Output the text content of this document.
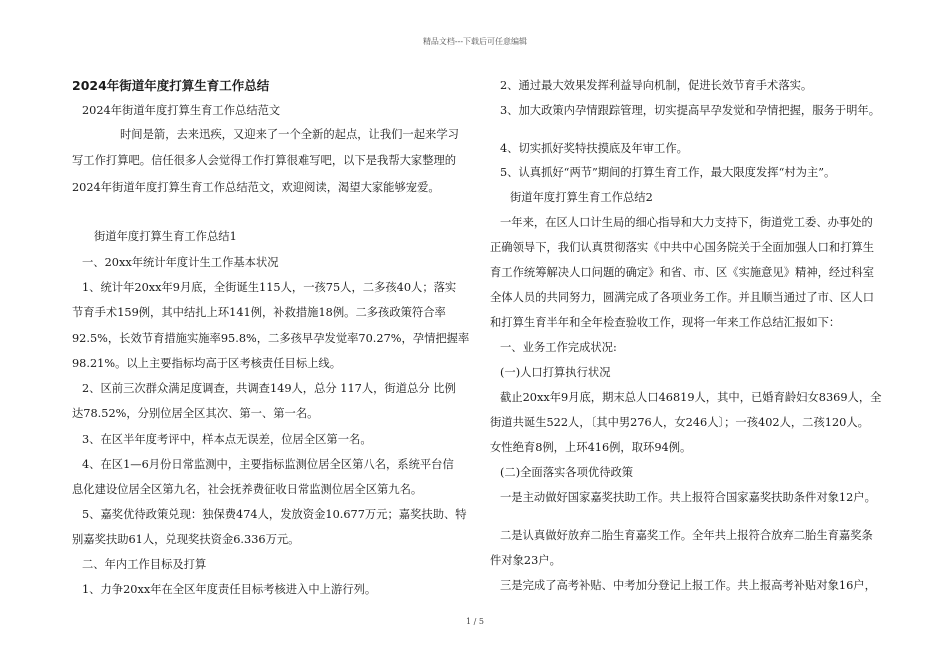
精品文档---下载后可任意编辑
2024年街道年度打算生育工作总结
2024年街道年度打算生育工作总结范文
时间是箭，去来迅疾，又迎来了一个全新的起点，让我们一起来学习
写工作打算吧。信任很多人会觉得工作打算很难写吧，以下是我帮大家整理的
2024年街道年度打算生育工作总结范文，欢迎阅读，渴望大家能够宠爱。
街道年度打算生育工作总结1
一、20xx年统计年度计生工作基本状况
1、统计年20xx年9月底，全街诞生115人，一孩75人，二多孩40人；落实
节育手术159例，其中结扎上环141例，补救措施18例。二多孩政策符合率
92.5%，长效节育措施实施率95.8%，二多孩早孕发觉率70.27%，孕情把握率
98.21%。以上主要指标均高于区考核责任目标上线。
2、区前三次群众满足度调查，共调查149人，总分 117人，街道总分 比例
达78.52%，分别位居全区其次、第一、第一名。
3、在区半年度考评中，样本点无误差，位居全区第一名。
4、在区1—6月份日常监测中，主要指标监测位居全区第八名，系统平台信
息化建设位居全区第九名，社会抚养费征收日常监测位居全区第九名。
5、嘉奖优待政策兑现：独保费474人，发放资金10.677万元；嘉奖扶助、特
别嘉奖扶助61人，兑现奖扶资金6.336万元。
二、年内工作目标及打算
1、力争20xx年在全区年度责任目标考核进入中上游行列。
2、通过最大效果发挥利益导向机制，促进长效节育手术落实。
3、加大政策内孕情跟踪管理，切实提高早孕发觉和孕情把握，服务于明年。
4、切实抓好奖特扶摸底及年审工作。
5、认真抓好“两节”期间的打算生育工作，最大限度发挥“村为主”。
街道年度打算生育工作总结2
一年来，在区人口计生局的细心指导和大力支持下，街道党工委、办事处的
正确领导下，我们认真贯彻落实《中共中心国务院关于全面加强人口和打算生
育工作统筹解决人口问题的确定》和省、市、区《实施意见》精神，经过科室
全体人员的共同努力，圆满完成了各项业务工作。并且顺当通过了市、区人口
和打算生育半年和全年检查验收工作，现将一年来工作总结汇报如下：
一、业务工作完成状况:
(一)人口打算执行状况
截止20xx年9月底，期末总人口46819人，其中，已婚育龄妇女8369人，全
街道共诞生522人，〔其中男276人，女246人〕；一孩402人，二孩120人。
女性绝育8例，上环416例，取环94例。
(二)全面落实各项优待政策
一是主动做好国家嘉奖扶助工作。共上报符合国家嘉奖扶助条件对象12户。
二是认真做好放弃二胎生育嘉奖工作。全年共上报符合放弃二胎生育嘉奖条
件对象23户。
三是完成了高考补贴、中考加分登记上报工作。共上报高考补贴对象16户，
1 / 5
